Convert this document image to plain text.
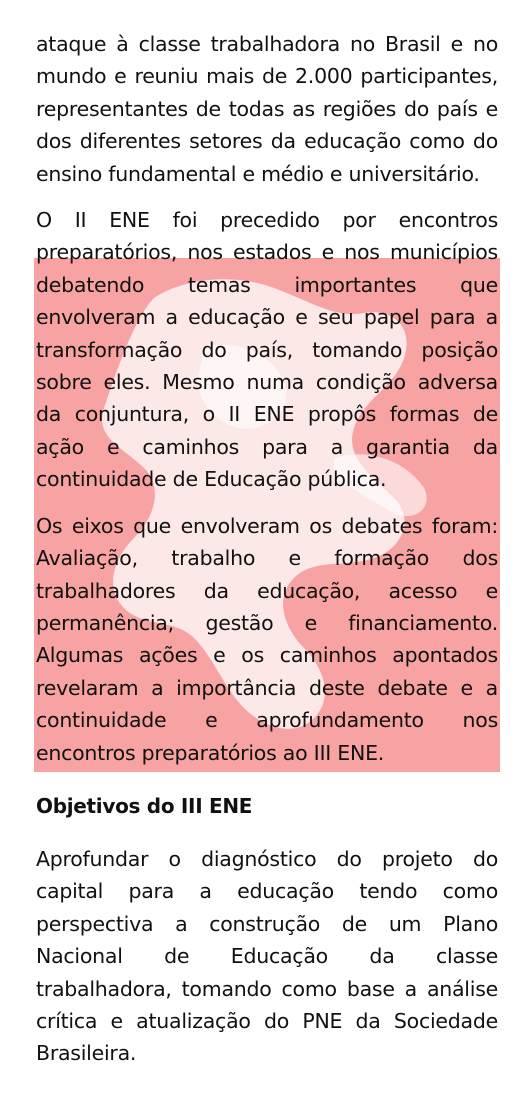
ataque à classe trabalhadora no Brasil e no mundo e reuniu mais de 2.000 participantes, representantes de todas as regiões do país e dos diferentes setores da educação como do ensino fundamental e médio e universitário.

O II ENE foi precedido por encontros preparatórios, nos estados e nos municípios debatendo temas importantes que envolveram a educação e seu papel para a transformação do país, tomando posição sobre eles. Mesmo numa condição adversa da conjuntura, o II ENE propôs formas de ação e caminhos para a garantia da continuidade de Educação pública.

Os eixos que envolveram os debates foram: Avaliação, trabalho e formação dos trabalhadores da educação, acesso e permanência; gestão e financiamento. Algumas ações e os caminhos apontados revelaram a importância deste debate e a continuidade e aprofundamento nos encontros preparatórios ao III ENE.

Objetivos do III ENE

Aprofundar o diagnóstico do projeto do capital para a educação tendo como perspectiva a construção de um Plano Nacional de Educação da classe trabalhadora, tomando como base a análise crítica e atualização do PNE da Sociedade Brasileira.
